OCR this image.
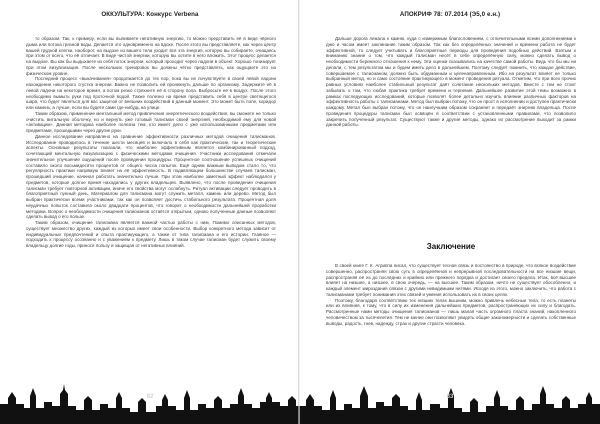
ОККУЛЬТУРА: Конкурс Verbena

то образом. Так, к примеру, если вы выпиваете негативную энергию, то можно представить её в виде чёрного дыма или потока грязной воды. Делается это одновременно на вдохе. После этого вы представляете, как через центр вашей грудной клетки, наоборот, на выдохе из вашего тела уходит вся эта энергия, которую вы собираете, очищаясь при этом от всего, что её отличает. В виде чистой энергии, которую вы хотите в него вложить. Этот процесс делается на выдохе. Вы как бы выдыхаете из себя поток энергии, который проходит через ладони в объект. Хорошо тонизирует при этом визуализация. После нескольких тренировок вы должны чётко представлять, как ощущаете это на физическом уровне.

Последний процесс «выкачивания» продолжается до тех пор, пока вы не почувствуете в своей левой ладони нахождение некоторого сгустка энергии. Важно не позволить ей проникнуть дальше по организму. Задержите её в левой ладони на некоторое время, а потом резко стряхните её в сторону пола. Выбросьте её в воздух. После этого необходимо вымыть руки под проточной водой. Также полезно на время представить себя в центре светящегося шара, что будет являться для вас защитой от внешних воздействий в данный момент. Это может быть поле, коридор или камень, а лучше, если вы будете сами где-нибудь на улице.

Таким образом, применение ментальный метод привлечения энергетического воздействия, вы сможете не только очистить витальную оболочку, но и вернуть уже готовый талисман своей энергией, необходимой ему для новой «активации». Данная методика наиболее полезна тем, кто имеет дело с уже использованными предметами или предметами, прошедшими через другие руки.

Данное исследование направлено на сравнение эффективности различных методов очищения талисманов. Исследование проводилось в течение шести месяцев и включало в себя как практические, так и теоретические аспекты. Основные результаты показали, что наиболее эффективным является комбинированный подход, сочетающий ментальную визуализацию с физическими методами очищения. Участники исследования отмечали значительное улучшение ощущений после проведения процедуры. Процентное соотношение успешных очищений составило около восьмидесяти процентов от общего числа попыток. Ещё одним важным выводом стало то, что регулярность практики напрямую влияет на её эффективность. В подавляющем большинстве случаев талисман, прошедший очищение, начинал работать значительно лучше. При этом наиболее заметный эффект наблюдался у предметов, которые долгое время находились у других владельцев. Выявлено, что после проведения очищения талисман требует повторной активации, иначе его свойства могут ослабнуть. Ритуал активации следует проводить в благоприятный лунный день. Материалом для талисмана могут служить металл, камень или дерево. Метод был выбран практически всеми участниками, так как он позволяет достичь стабильного результата. Процентная доля неудачных попыток составила около двадцати процентов, что говорит о необходимости дальнейшей проработки методики. Вопрос о необходимости очищения талисманов остаётся открытым, однако полученные данные позволяют сделать вывод о его пользе.

Таким образом, очищение талисмана является важной частью работы с ним. Помимо описанных методов, существует множество других, каждый из которых имеет свои особенности. Выбор конкретного метода зависит от индивидуальных предпочтений и опыта практикующего, а также от типа талисмана и его истории. Главное — подходить к процессу осознанно и с уважением к предмету. Лишь в таком случае талисман будет служить своему владельцу долгие годы, принося пользу и защищая от негативных влияний.

82
АПОКРИФ 78: 07.2014 (Э5,0 е.н.)

Дальше дорога лежала к камню, куда с измеримым благословением, с отличительными всеми дополнениями к дню и часом имеет заклинание таким образом. Так как без определённых значений и времени работа не будет эффективной, то следует учитывать и благоприятные периоды для проведения подобных действий. Взятым к вниманию знание о том, что каждый талисман несёт в себе определённую силу, можно сделать вывод о необходимости бережного отношения к нему. Эти оценки сказывались на качестве самой работы. Ведь что бы мы ни делали, с тем результатом мы и будем иметь дело в дальнейшем. Поэтому следует помнить, что каждое действие, совершаемое с талисманом, должно быть обдуманным и целенаправленным. Ибо на результат влияет не только выбранный метод, но и само состояние практикующего в момент проведения ритуала. Отметим, что при всех прочих равных условиях наиболее стабильный результат даёт сочетание нескольких методов. Вместе с тем не стоит забывать о том, что любая практика требует времени и терпения. Дальнейшее развитие этой темы возможно в рамках последующих исследований, которые позволят более детально изучить влияние различных факторов на эффективность работы с талисманами. Метод был выбран потому, что он прост в исполнении и доступен практически каждому. Метал был выбран потому, что он наилучшим образом сохраняет и передаёт энергию владельца. После проведения процедуры талисман был освящён в соответствии с установленными правилами, что позволило закрепить полученный результат. Существуют также и другие методы, однако их рассмотрение выходит за рамки данной работы.

Заключение

В своей книге Г. К. Агриппа писал, что существует тесная связь и постоянство в природе, что всякое воздействие совершенно, распространяя свою суть в определённой и непрерывной последовательности на все низшие вещи, распространяя её из до последних и крайних или прежнего порядка и достигает своего предела. Итак, всё высшее влияет на низшее, а низшее, в свою очередь, — на высшее. Таким образом, ничто не существует обособленно, и каждый элемент мироздания связан с другими невидимыми нитями. Исходя из этого, можно заключить, что работа с талисманами требует понимания этих связей и умения использовать их в своих целях.

Поэтому, благодаря соответствию тех низших телах вышним, можно привлечь небесные тела, то есть планеты или их влияния, к тому, что в силу их изменения дальнейших предметов, распространяющих их силу и благодать. Рассмотренные нами методы очищения талисманов — лишь малая часть огромного пласта знаний, накопленного человечеством за тысячелетия. Тем не менее они позволяют увидеть общие закономерности и сделать собственные выводы, радость, гнев, надежду, страх и другие страсти человека.

83
